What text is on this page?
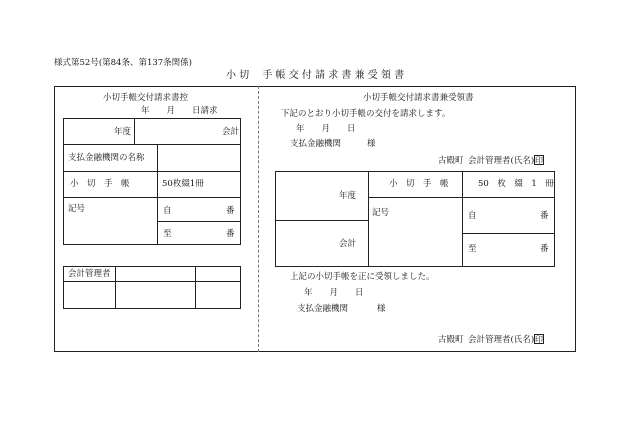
様式第52号(第84条、第137条関係)
小 切　 手 帳 交 付 請 求 書 兼 受 領 書
小切手帳交付請求書控
年　　月　　日請求
年度	会計
支払金融機関の名称
小　切　手　帳	50枚綴1冊
記号	自	番
至	番
会計管理者
小切手帳交付請求書兼受領書
下記のとおり小切手帳の交付を請求します。
年　　月　　日
支払金融機関	様
古殿町 会計管理者(氏名) 印
年度
会計
小　切　手　帳	50　枚　綴　1　冊
記号	自	番
至	番
上記の小切手帳を正に受領しました。
年　　月　　日
支払金融機関	様
古殿町 会計管理者(氏名) 印
